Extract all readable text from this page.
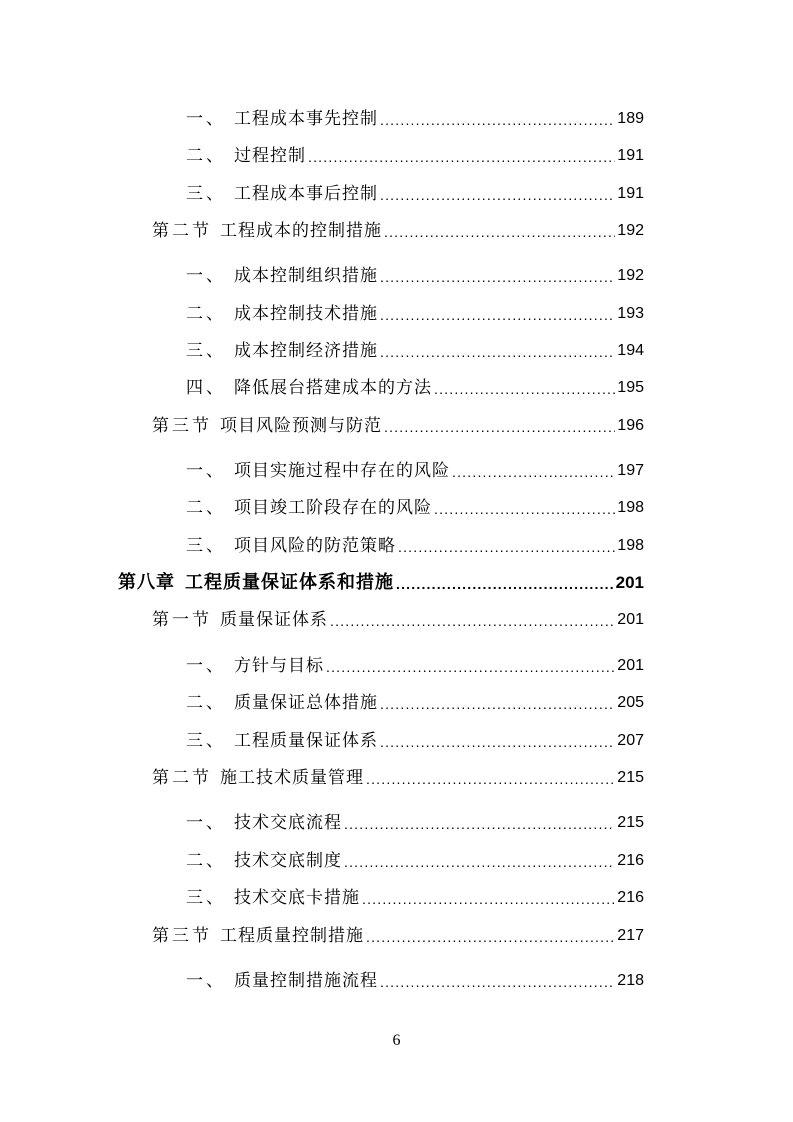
一、 工程成本事先控制 .....	189
二、 过程控制 .....	191
三、 工程成本事后控制 .....	191
第二节 工程成本的控制措施 .....	192
一、 成本控制组织措施 .....	192
二、 成本控制技术措施 .....	193
三、 成本控制经济措施 .....	194
四、 降低展台搭建成本的方法 .....	195
第三节 项目风险预测与防范 .....	196
一、 项目实施过程中存在的风险 .....	197
二、 项目竣工阶段存在的风险 .....	198
三、 项目风险的防范策略 .....	198
第八章 工程质量保证体系和措施 .....	201
第一节 质量保证体系 .....	201
一、 方针与目标 .....	201
二、 质量保证总体措施 .....	205
三、 工程质量保证体系 .....	207
第二节 施工技术质量管理 .....	215
一、 技术交底流程 .....	215
二、 技术交底制度 .....	216
三、 技术交底卡措施 .....	216
第三节 工程质量控制措施 .....	217
一、 质量控制措施流程 .....	218
6
